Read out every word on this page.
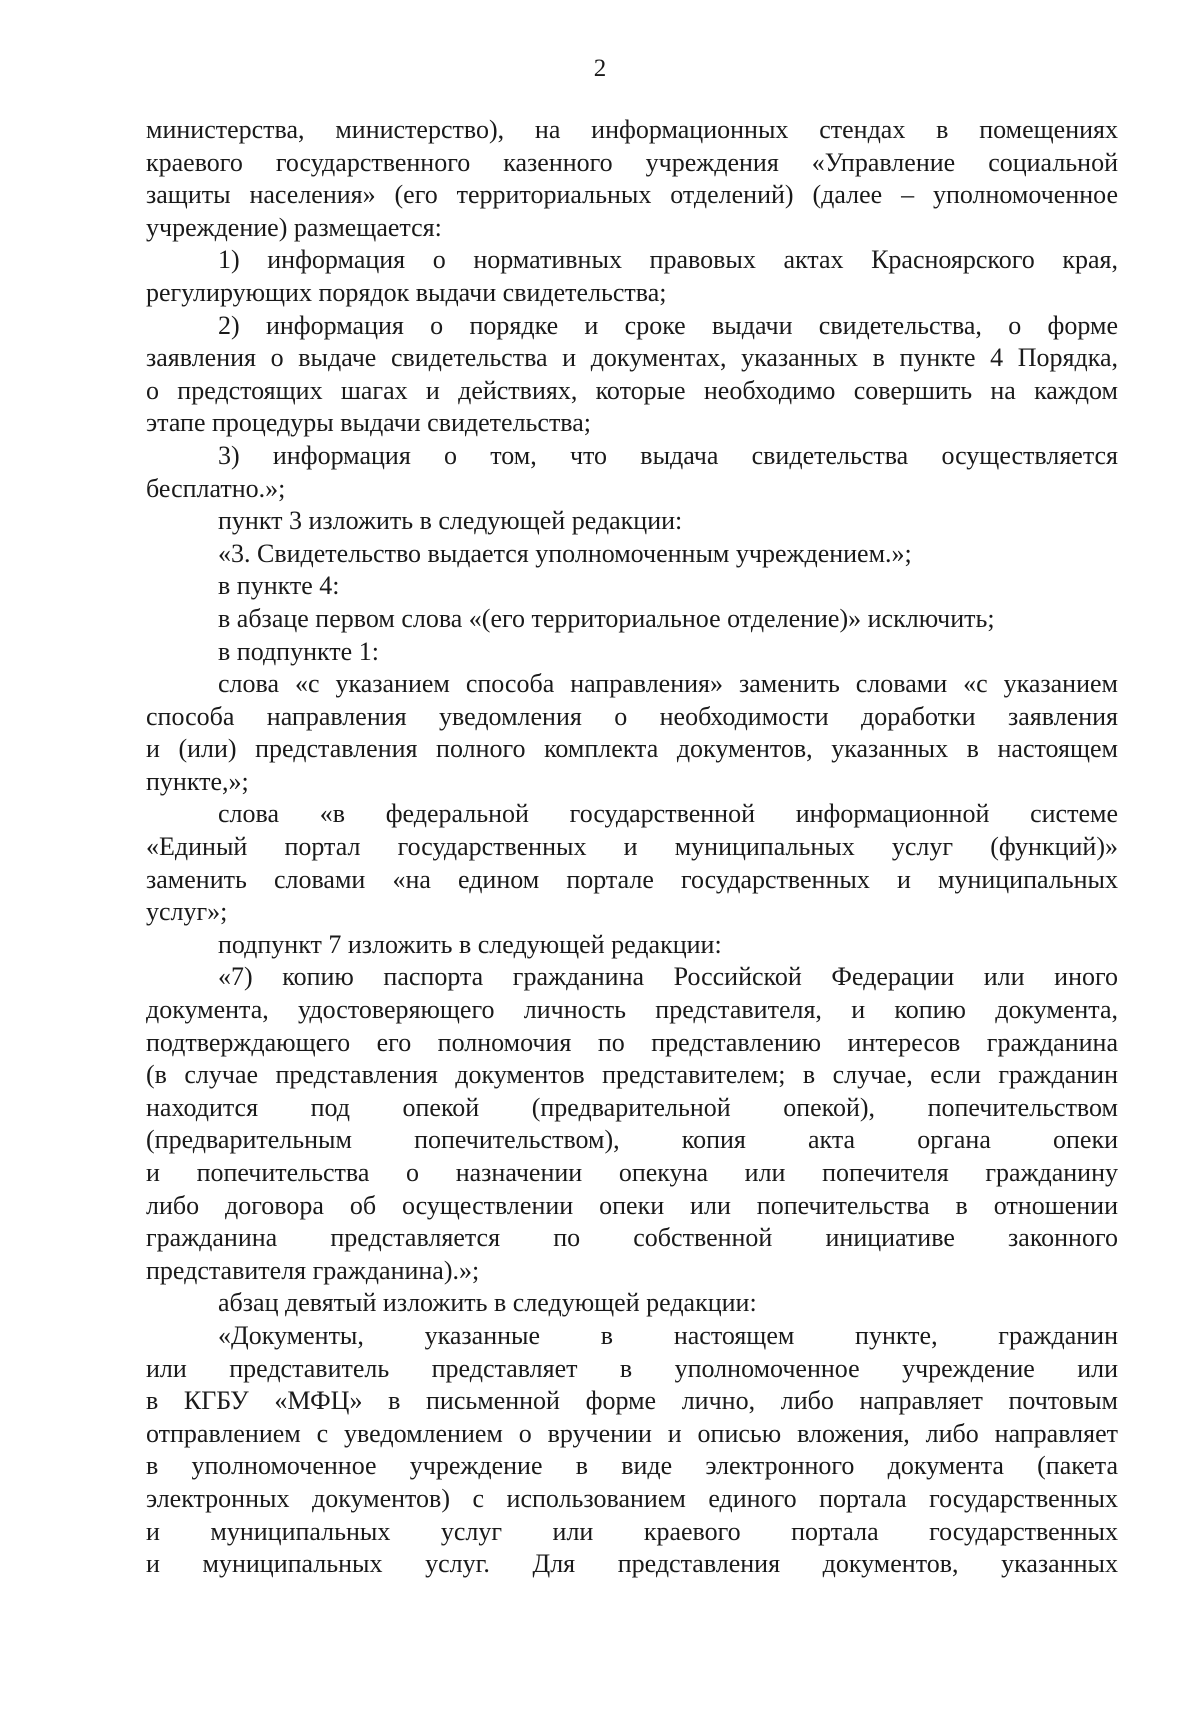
2
министерства, министерство), на информационных стендах в помещениях
краевого государственного казенного учреждения «Управление социальной
защиты населения» (его территориальных отделений) (далее – уполномоченное
учреждение) размещается:
1) информация о нормативных правовых актах Красноярского края,
регулирующих порядок выдачи свидетельства;
2) информация о порядке и сроке выдачи свидетельства, о форме
заявления о выдаче свидетельства и документах, указанных в пункте 4 Порядка,
о предстоящих шагах и действиях, которые необходимо совершить на каждом
этапе процедуры выдачи свидетельства;
3) информация о том, что выдача свидетельства осуществляется
бесплатно.»;
пункт 3 изложить в следующей редакции:
«3. Свидетельство выдается уполномоченным учреждением.»;
в пункте 4:
в абзаце первом слова «(его территориальное отделение)» исключить;
в подпункте 1:
слова «с указанием способа направления» заменить словами «с указанием
способа направления уведомления о необходимости доработки заявления
и (или) представления полного комплекта документов, указанных в настоящем
пункте,»;
слова «в федеральной государственной информационной системе
«Единый портал государственных и муниципальных услуг (функций)»
заменить словами «на едином портале государственных и муниципальных
услуг»;
подпункт 7 изложить в следующей редакции:
«7) копию паспорта гражданина Российской Федерации или иного
документа, удостоверяющего личность представителя, и копию документа,
подтверждающего его полномочия по представлению интересов гражданина
(в случае представления документов представителем; в случае, если гражданин
находится под опекой (предварительной опекой), попечительством
(предварительным попечительством), копия акта органа опеки
и попечительства о назначении опекуна или попечителя гражданину
либо договора об осуществлении опеки или попечительства в отношении
гражданина представляется по собственной инициативе законного
представителя гражданина).»;
абзац девятый изложить в следующей редакции:
«Документы, указанные в настоящем пункте, гражданин
или представитель представляет в уполномоченное учреждение или
в КГБУ «МФЦ» в письменной форме лично, либо направляет почтовым
отправлением с уведомлением о вручении и описью вложения, либо направляет
в уполномоченное учреждение в виде электронного документа (пакета
электронных документов) с использованием единого портала государственных
и муниципальных услуг или краевого портала государственных
и муниципальных услуг. Для представления документов, указанных
